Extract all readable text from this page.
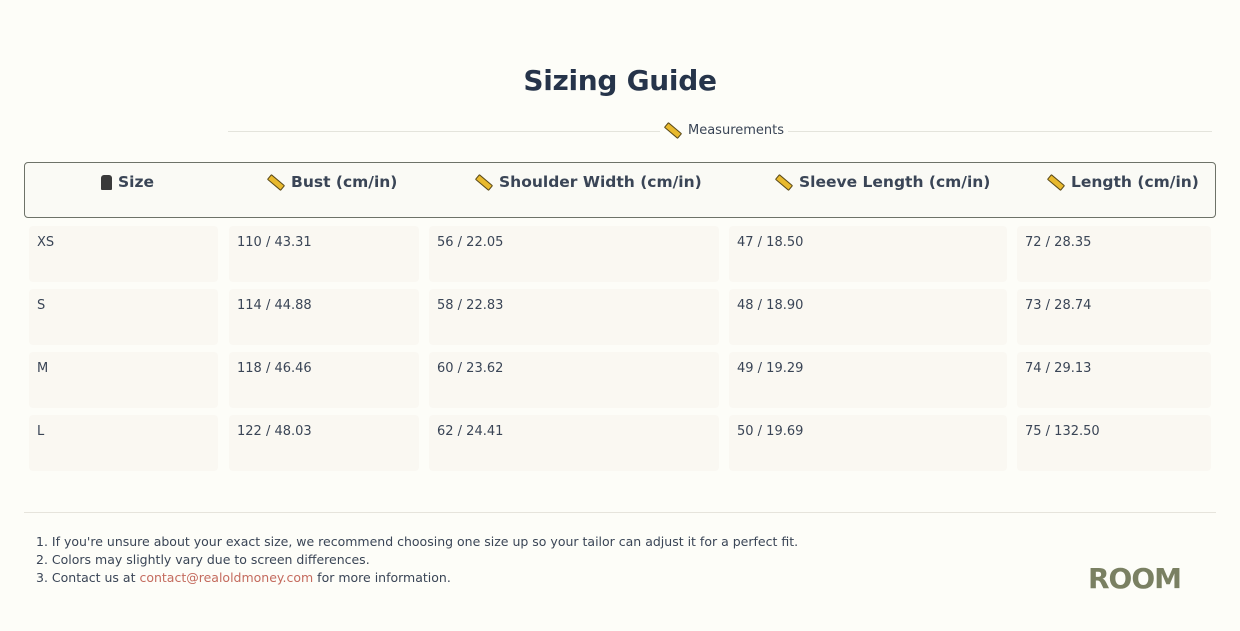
Sizing Guide
Measurements
Size	Bust (cm/in)	Shoulder Width (cm/in)	Sleeve Length (cm/in)	Length (cm/in)
XS	110 / 43.31	56 / 22.05	47 / 18.50	72 / 28.35
S	114 / 44.88	58 / 22.83	48 / 18.90	73 / 28.74
M	118 / 46.46	60 / 23.62	49 / 19.29	74 / 29.13
L	122 / 48.03	62 / 24.41	50 / 19.69	75 / 132.50
1. If you're unsure about your exact size, we recommend choosing one size up so your tailor can adjust it for a perfect fit.
2. Colors may slightly vary due to screen differences.
3. Contact us at contact@realoldmoney.com for more information.	ROOM
